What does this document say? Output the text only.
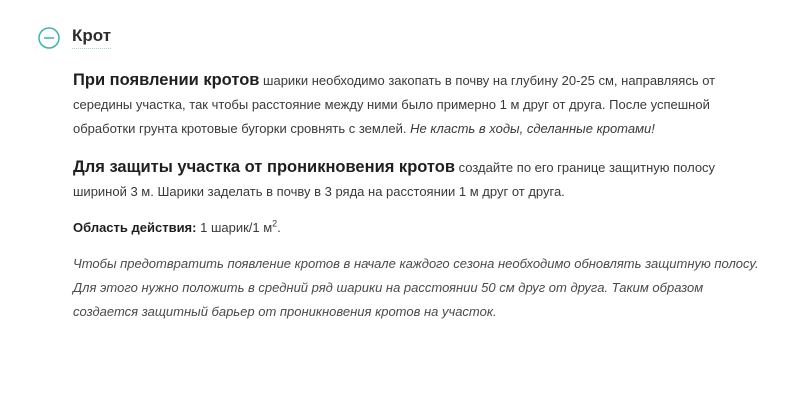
Крот

При появлении кротов шарики необходимо закопать в почву на глубину 20-25 см, направляясь от середины участка, так чтобы расстояние между ними было примерно 1 м друг от друга. После успешной обработки грунта кротовые бугорки сровнять с землей. Не класть в ходы, сделанные кротами!

Для защиты участка от проникновения кротов создайте по его границе защитную полосу шириной 3 м. Шарики заделать в почву в 3 ряда на расстоянии 1 м друг от друга.

Область действия: 1 шарик/1 $м^2$.

Чтобы предотвратить появление кротов в начале каждого сезона необходимо обновлять защитную полосу. Для этого нужно положить в средний ряд шарики на расстоянии 50 см друг от друга. Таким образом создается защитный барьер от проникновения кротов на участок.
